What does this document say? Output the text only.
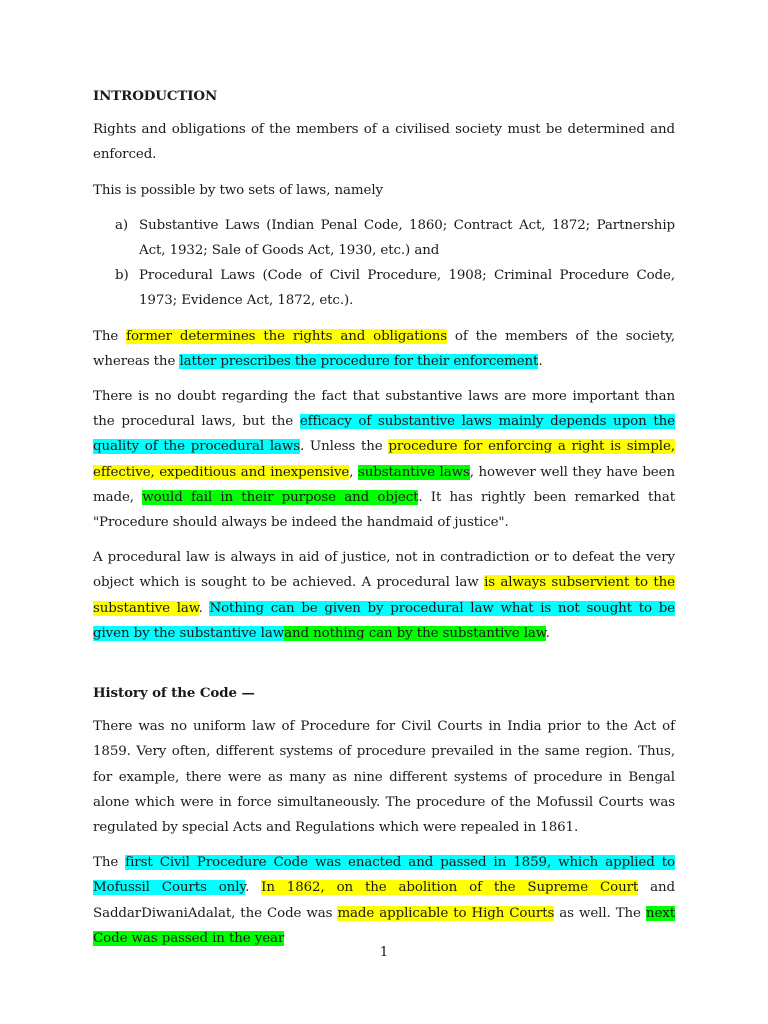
INTRODUCTION

Rights and obligations of the members of a civilised society must be determined and enforced.

This is possible by two sets of laws, namely

a) Substantive Laws (Indian Penal Code, 1860; Contract Act, 1872; Partnership Act, 1932; Sale of Goods Act, 1930, etc.) and
b) Procedural Laws (Code of Civil Procedure, 1908; Criminal Procedure Code, 1973; Evidence Act, 1872, etc.).

The former determines the rights and obligations of the members of the society, whereas the latter prescribes the procedure for their enforcement.

There is no doubt regarding the fact that substantive laws are more important than the procedural laws, but the efficacy of substantive laws mainly depends upon the quality of the procedural laws. Unless the procedure for enforcing a right is simple, effective, expeditious and inexpensive, substantive laws, however well they have been made, would fail in their purpose and object. It has rightly been remarked that "Procedure should always be indeed the handmaid of justice".

A procedural law is always in aid of justice, not in contradiction or to defeat the very object which is sought to be achieved. A procedural law is always subservient to the substantive law. Nothing can be given by procedural law what is not sought to be given by the substantive lawand nothing can by the substantive law.

History of the Code —

There was no uniform law of Procedure for Civil Courts in India prior to the Act of 1859. Very often, different systems of procedure prevailed in the same region. Thus, for example, there were as many as nine different systems of procedure in Bengal alone which were in force simultaneously. The procedure of the Mofussil Courts was regulated by special Acts and Regulations which were repealed in 1861.

The first Civil Procedure Code was enacted and passed in 1859, which applied to Mofussil Courts only. In 1862, on the abolition of the Supreme Court and SaddarDiwaniAdalat, the Code was made applicable to High Courts as well. The next Code was passed in the year

1
